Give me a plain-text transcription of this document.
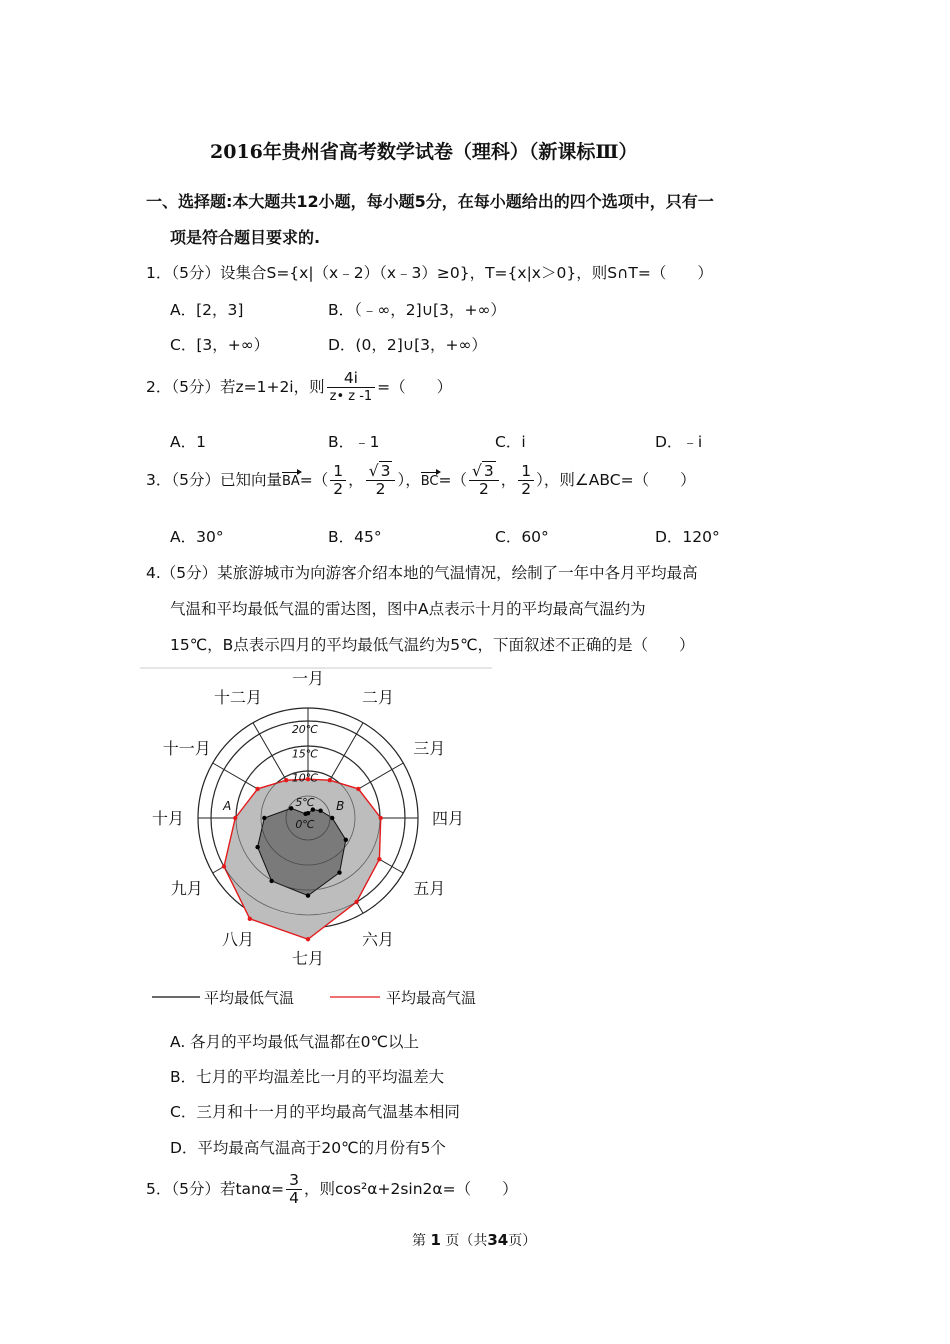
2016年贵州省高考数学试卷（理科）（新课标Ⅲ）
一、选择题:本大题共12小题，每小题5分，在每小题给出的四个选项中，只有一
项是符合题目要求的.
1．（5分）设集合S={x|（x﹣2）（x﹣3）≥0}，T={x|x＞0}，则S∩T=（　　）
A．[2，3]	B．（﹣∞，2]∪[3，+∞）
C．[3，+∞）	D．(0，2]∪[3，+∞）
2．（5分）若z=1+2i，则 $\frac{4i}{z• z -1}$ =（　　）
A．1	B．﹣1	C．i	D．﹣i
3．（5分）已知向量$BA=( \frac{1}{2}$ ， $\frac{√ 3}{2}$ ），$BC=( \frac{√ 3}{2}$ ， $\frac{1}{2}$ ），则∠ABC=（　　）
A．30°	B．45°	C．60°	D．120°
4.（5分）某旅游城市为向游客介绍本地的气温情况，绘制了一年中各月平均最高
气温和平均最低气温的雷达图，图中A点表示十月的平均最高气温约为
15℃，B点表示四月的平均最低气温约为5℃，下面叙述不正确的是（　　）
一月
二月
三月
四月
五月
六月
七月
八月
九月
十月
十一月
十二月
0℃
5℃
10℃
15℃
20℃
A	B
平均最低气温	平均最高气温
A. 各月的平均最低气温都在0℃以上
B．七月的平均温差比一月的平均温差大
C．三月和十一月的平均最高气温基本相同
D．平均最高气温高于20℃的月份有5个
5．（5分）若$\tan\alpha= \frac{3}{4}$ ，则cos²α+2sin2α=（　　）
第 1 页（共34页）
